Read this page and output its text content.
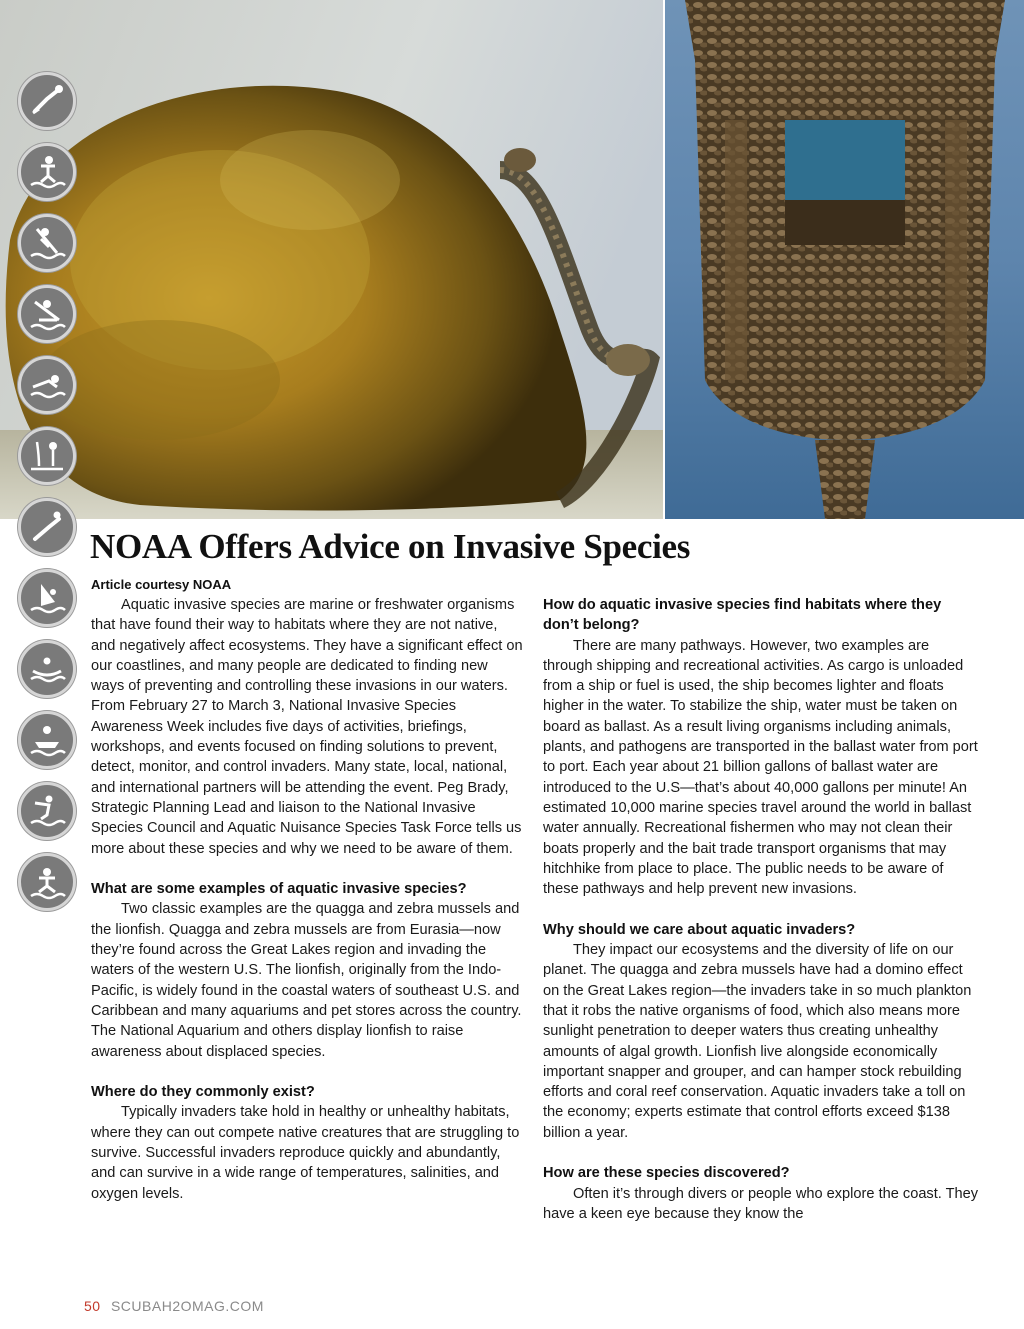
NOAA Offers Advice on Invasive Species
Article courtesy NOAA

Aquatic invasive species are marine or freshwater organisms that have found their way to habitats where they are not native, and negatively affect ecosystems. They have a significant effect on our coastlines, and many people are dedicated to finding new ways of preventing and controlling these invasions in our waters. From February 27 to March 3, National Invasive Species Awareness Week includes five days of activities, briefings, workshops, and events focused on finding solutions to prevent, detect, monitor, and control invaders. Many state, local, national, and international partners will be attending the event. Peg Brady, Strategic Planning Lead and liaison to the National Invasive Species Council and Aquatic Nuisance Species Task Force tells us more about these species and why we need to be aware of them.

What are some examples of aquatic invasive species?

Two classic examples are the quagga and zebra mussels and the lionfish. Quagga and zebra mussels are from Eurasia—now they’re found across the Great Lakes region and invading the waters of the western U.S. The lionfish, originally from the Indo-Pacific, is widely found in the coastal waters of southeast U.S. and Caribbean and many aquariums and pet stores across the country. The National Aquarium and others display lionfish to raise awareness about displaced species.

Where do they commonly exist?

Typically invaders take hold in healthy or unhealthy habitats, where they can out compete native creatures that are struggling to survive. Successful invaders reproduce quickly and abundantly, and can survive in a wide range of temperatures, salinities, and oxygen levels.

How do aquatic invasive species find habitats where they don’t belong?

There are many pathways. However, two examples are through shipping and recreational activities. As cargo is unloaded from a ship or fuel is used, the ship becomes lighter and floats higher in the water. To stabilize the ship, water must be taken on board as ballast. As a result living organisms including animals, plants, and pathogens are transported in the ballast water from port to port. Each year about 21 billion gallons of ballast water are introduced to the U.S—that’s about 40,000 gallons per minute! An estimated 10,000 marine species travel around the world in ballast water annually. Recreational fishermen who may not clean their boats properly and the bait trade transport organisms that may hitchhike from place to place. The public needs to be aware of these pathways and help prevent new invasions.

Why should we care about aquatic invaders?

They impact our ecosystems and the diversity of life on our planet. The quagga and zebra mussels have had a domino effect on the Great Lakes region—the invaders take in so much plankton that it robs the native organisms of food, which also means more sunlight penetration to deeper waters thus creating unhealthy amounts of algal growth. Lionfish live alongside economically important snapper and grouper, and can hamper stock rebuilding efforts and coral reef conservation. Aquatic invaders take a toll on the economy; experts estimate that control efforts exceed $138 billion a year.

How are these species discovered?

Often it’s through divers or people who explore the coast. They have a keen eye because they know the

50 SCUBAH2OMAG.COM
